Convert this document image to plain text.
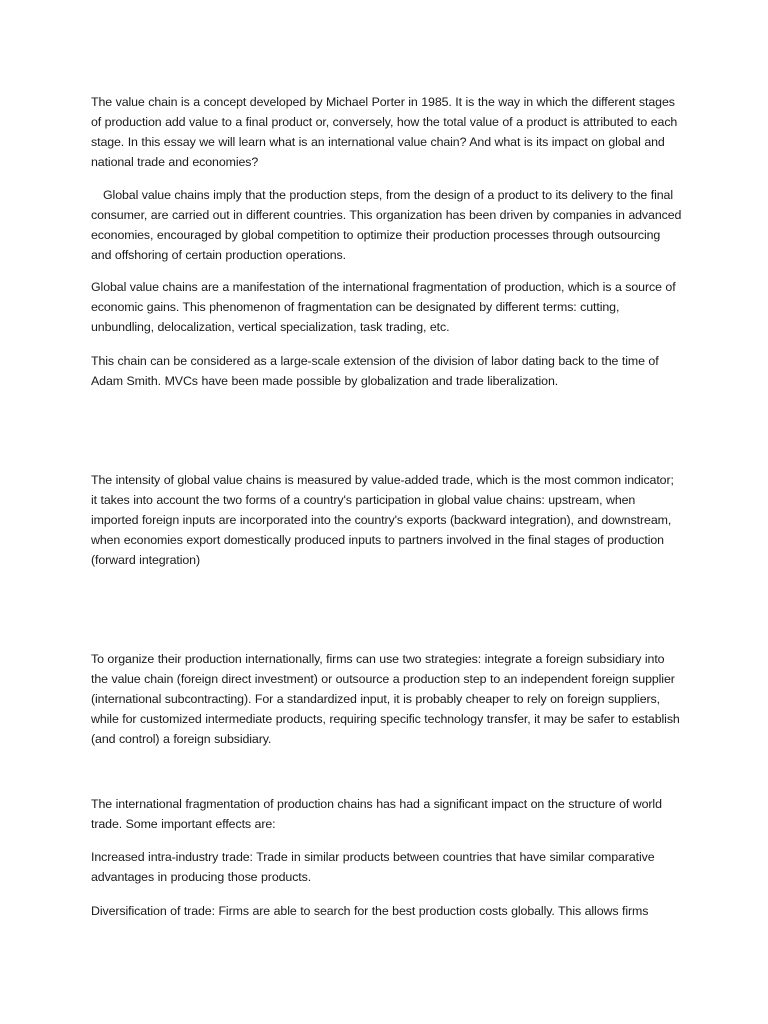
The value chain is a concept developed by Michael Porter in 1985. It is the way in which the different stages of production add value to a final product or, conversely, how the total value of a product is attributed to each stage. In this essay we will learn what is an international value chain? And what is its impact on global and national trade and economies?

Global value chains imply that the production steps, from the design of a product to its delivery to the final consumer, are carried out in different countries. This organization has been driven by companies in advanced economies, encouraged by global competition to optimize their production processes through outsourcing and offshoring of certain production operations.

Global value chains are a manifestation of the international fragmentation of production, which is a source of economic gains. This phenomenon of fragmentation can be designated by different terms: cutting, unbundling, delocalization, vertical specialization, task trading, etc.

This chain can be considered as a large-scale extension of the division of labor dating back to the time of Adam Smith. MVCs have been made possible by globalization and trade liberalization.

The intensity of global value chains is measured by value-added trade, which is the most common indicator; it takes into account the two forms of a country's participation in global value chains: upstream, when imported foreign inputs are incorporated into the country's exports (backward integration), and downstream, when economies export domestically produced inputs to partners involved in the final stages of production (forward integration)

To organize their production internationally, firms can use two strategies: integrate a foreign subsidiary into the value chain (foreign direct investment) or outsource a production step to an independent foreign supplier (international subcontracting). For a standardized input, it is probably cheaper to rely on foreign suppliers, while for customized intermediate products, requiring specific technology transfer, it may be safer to establish (and control) a foreign subsidiary.

The international fragmentation of production chains has had a significant impact on the structure of world trade. Some important effects are:

Increased intra-industry trade: Trade in similar products between countries that have similar comparative advantages in producing those products.

Diversification of trade: Firms are able to search for the best production costs globally. This allows firms
